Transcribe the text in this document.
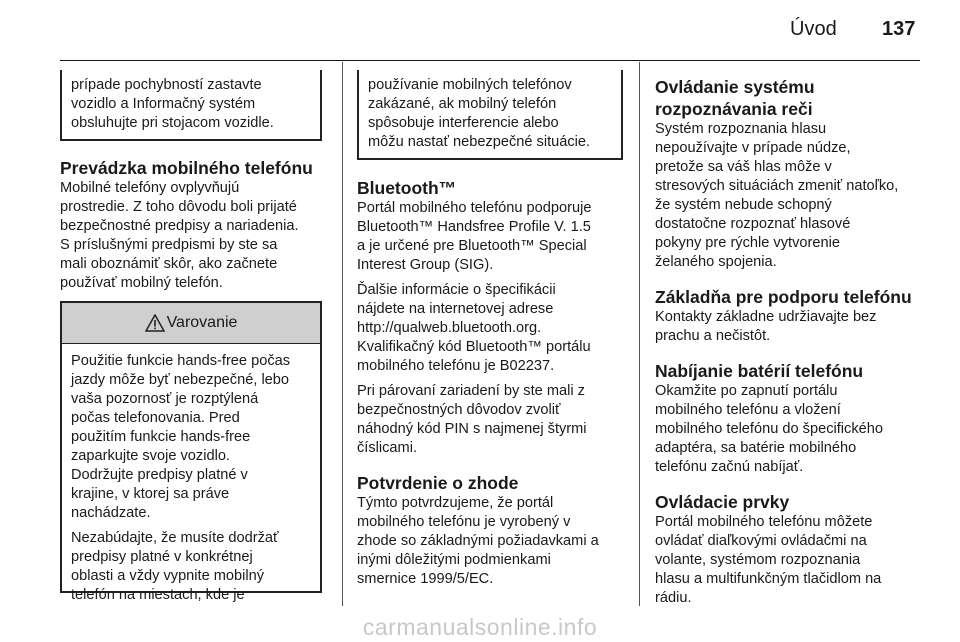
Úvod 137

prípade pochybností zastavte

vozidlo a Informačný systém

obsluhujte pri stojacom vozidle.

Prevádzka mobilného telefónu

Mobilné telefóny ovplyvňujú

prostredie. Z toho dôvodu boli prijaté

bezpečnostné predpisy a nariadenia.

S príslušnými predpismi by ste sa

mali oboznámiť skôr, ako začnete

používať mobilný telefón.

Varovanie

Použitie funkcie hands-free počas

jazdy môže byť nebezpečné, lebo

vaša pozornosť je rozptýlená

počas telefonovania. Pred

použitím funkcie hands-free

zaparkujte svoje vozidlo.

Dodržujte predpisy platné v

krajine, v ktorej sa práve

nachádzate.

Nezabúdajte, že musíte dodržať

predpisy platné v konkrétnej

oblasti a vždy vypnite mobilný

telefón na miestach, kde je

používanie mobilných telefónov

zakázané, ak mobilný telefón

spôsobuje interferencie alebo

môžu nastať nebezpečné situácie.

Bluetooth™

Portál mobilného telefónu podporuje

Bluetooth™ Handsfree Profile V. 1.5

a je určené pre Bluetooth™ Special

Interest Group (SIG).

Ďalšie informácie o špecifikácii

nájdete na internetovej adrese

http://qualweb.bluetooth.org.

Kvalifikačný kód Bluetooth™ portálu

mobilného telefónu je B02237.

Pri párovaní zariadení by ste mali z

bezpečnostných dôvodov zvoliť

náhodný kód PIN s najmenej štyrmi

číslicami.

Potvrdenie o zhode

Týmto potvrdzujeme, že portál

mobilného telefónu je vyrobený v

zhode so základnými požiadavkami a

inými dôležitými podmienkami

smernice 1999/5/EC.

Ovládanie systému

rozpoznávania reči

Systém rozpoznania hlasu

nepoužívajte v prípade núdze,

pretože sa váš hlas môže v

stresových situáciách zmeniť natoľko,

že systém nebude schopný

dostatočne rozpoznať hlasové

pokyny pre rýchle vytvorenie

želaného spojenia.

Základňa pre podporu telefónu

Kontakty základne udržiavajte bez

prachu a nečistôt.

Nabíjanie batérií telefónu

Okamžite po zapnutí portálu

mobilného telefónu a vložení

mobilného telefónu do špecifického

adaptéra, sa batérie mobilného

telefónu začnú nabíjať.

Ovládacie prvky

Portál mobilného telefónu môžete

ovládať diaľkovými ovládačmi na

volante, systémom rozpoznania

hlasu a multifunkčným tlačidlom na

rádiu.

carmanualsonline.info
